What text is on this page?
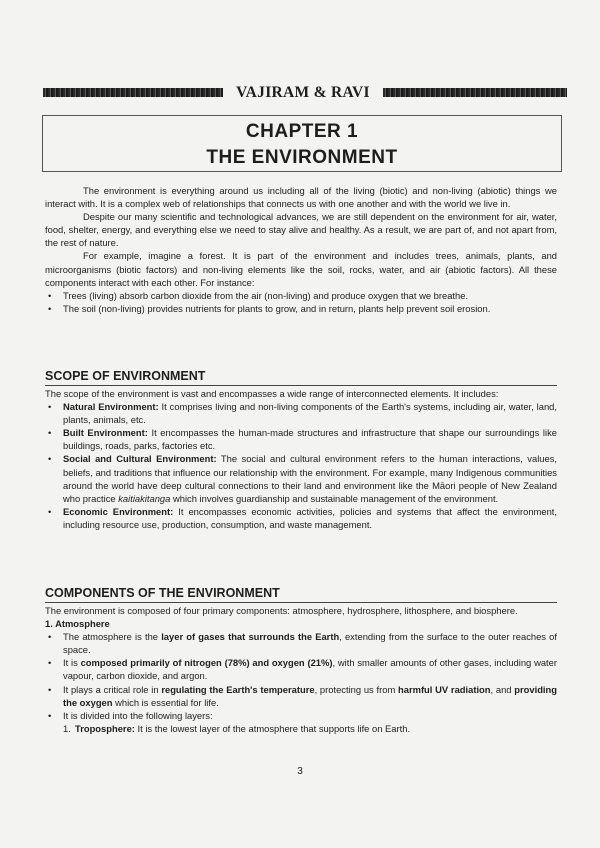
VAJIRAM & RAVI
CHAPTER 1
THE ENVIRONMENT

The environment is everything around us including all of the living (biotic) and non-living (abiotic) things we interact with. It is a complex web of relationships that connects us with one another and with the world we live in.

Despite our many scientific and technological advances, we are still dependent on the environment for air, water, food, shelter, energy, and everything else we need to stay alive and healthy. As a result, we are part of, and not apart from, the rest of nature.

For example, imagine a forest. It is part of the environment and includes trees, animals, plants, and microorganisms (biotic factors) and non-living elements like the soil, rocks, water, and air (abiotic factors). All these components interact with each other. For instance:

• Trees (living) absorb carbon dioxide from the air (non-living) and produce oxygen that we breathe.
• The soil (non-living) provides nutrients for plants to grow, and in return, plants help prevent soil erosion.
SCOPE OF ENVIRONMENT

The scope of the environment is vast and encompasses a wide range of interconnected elements. It includes:

• Natural Environment: It comprises living and non-living components of the Earth's systems, including air, water, land, plants, animals, etc.
• Built Environment: It encompasses the human-made structures and infrastructure that shape our surroundings like buildings, roads, parks, factories etc.
• Social and Cultural Environment: The social and cultural environment refers to the human interactions, values, beliefs, and traditions that influence our relationship with the environment. For example, many Indigenous communities around the world have deep cultural connections to their land and environment like the Māori people of New Zealand who practice kaitiakitanga which involves guardianship and sustainable management of the environment.
• Economic Environment: It encompasses economic activities, policies and systems that affect the environment, including resource use, production, consumption, and waste management.
COMPONENTS OF THE ENVIRONMENT

The environment is composed of four primary components: atmosphere, hydrosphere, lithosphere, and biosphere.

1. Atmosphere
• The atmosphere is the layer of gases that surrounds the Earth, extending from the surface to the outer reaches of space.
• It is composed primarily of nitrogen (78%) and oxygen (21%), with smaller amounts of other gases, including water vapour, carbon dioxide, and argon.
• It plays a critical role in regulating the Earth's temperature, protecting us from harmful UV radiation, and providing the oxygen which is essential for life.
• It is divided into the following layers:
1. Troposphere: It is the lowest layer of the atmosphere that supports life on Earth.
3
